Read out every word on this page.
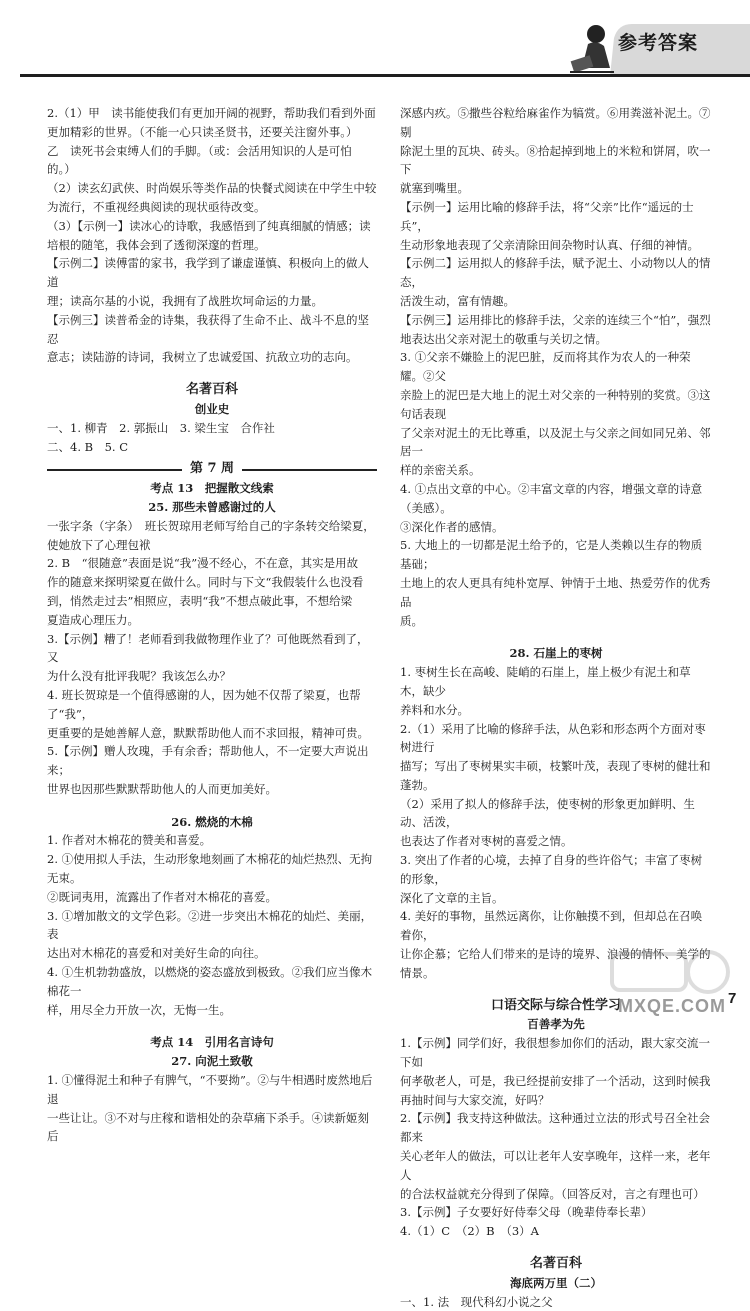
参考答案

2.（1）甲　读书能使我们有更加开阔的视野，帮助我们看到外面

更加精彩的世界。（不能一心只读圣贤书，还要关注窗外事。）

乙　读死书会束缚人们的手脚。（或：会活用知识的人是可怕

的。）

（2）读玄幻武侠、时尚娱乐等类作品的快餐式阅读在中学生中较

为流行，不重视经典阅读的现状亟待改变。

（3）【示例一】读冰心的诗歌，我感悟到了纯真细腻的情感；读

培根的随笔，我体会到了透彻深邃的哲理。

【示例二】读傅雷的家书，我学到了谦虚谨慎、积极向上的做人道

理；读高尔基的小说，我拥有了战胜坎坷命运的力量。

【示例三】读普希金的诗集，我获得了生命不止、战斗不息的坚忍

意志；读陆游的诗词，我树立了忠诚爱国、抗敌立功的志向。

名著百科

创业史

一、1. 柳青　2. 郭振山　3. 梁生宝　合作社

二、4. B　5. C

第 7 周

考点 13　把握散文线索

25. 那些未曾感谢过的人

一张字条（字条）　班长贺琼用老师写给自己的字条转交给梁夏，

使她放下了心理包袱

2. B　“很随意”表面是说“我”漫不经心，不在意，其实是用故

作的随意来探明梁夏在做什么。同时与下文“我假装什么也没看

到，悄然走过去”相照应，表明“我”不想点破此事，不想给梁

夏造成心理压力。

3.【示例】糟了！老师看到我做物理作业了？可他既然看到了，又

为什么没有批评我呢？我该怎么办？

4. 班长贺琼是一个值得感谢的人，因为她不仅帮了梁夏，也帮了“我”，

更重要的是她善解人意，默默帮助他人而不求回报，精神可贵。

5.【示例】赠人玫瑰，手有余香；帮助他人，不一定要大声说出来；

世界也因那些默默帮助他人的人而更加美好。

26. 燃烧的木棉

1. 作者对木棉花的赞美和喜爱。

2. ①使用拟人手法，生动形象地刻画了木棉花的灿烂热烈、无拘无束。

②既词夷用，流露出了作者对木棉花的喜爱。

3. ①增加散文的文学色彩。②进一步突出木棉花的灿烂、美丽，表

达出对木棉花的喜爱和对美好生命的向往。

4. ①生机勃勃盛放，以燃烧的姿态盛放到极致。②我们应当像木棉花一

样，用尽全力开放一次，无悔一生。

考点 14　引用名言诗句

27. 向泥土致敬

1. ①懂得泥土和种子有脾气，“不要拗”。②与牛相遇时废然地后退

一些让让。③不对与庄稼和谐相处的杂草痛下杀手。④读新姬刻后

深感内疚。⑤撒些谷粒给麻雀作为犒赏。⑥用粪滋补泥土。⑦剔

除泥土里的瓦块、砖头。⑧拾起掉到地上的米粒和饼屑，吹一下

就塞到嘴里。

【示例一】运用比喻的修辞手法，将“父亲”比作“遥远的士兵”，

生动形象地表现了父亲清除田间杂物时认真、仔细的神情。

【示例二】运用拟人的修辞手法，赋予泥土、小动物以人的情态，

活泼生动，富有情趣。

【示例三】运用排比的修辞手法，父亲的连续三个“怕”，强烈

地表达出父亲对泥土的敬重与关切之情。

3. ①父亲不嫌脸上的泥巴脏，反而将其作为农人的一种荣耀。②父

亲脸上的泥巴是大地上的泥土对父亲的一种特别的奖赏。③这句话表现

了父亲对泥土的无比尊重，以及泥土与父亲之间如同兄弟、邻居一

样的亲密关系。

4. ①点出文章的中心。②丰富文章的内容，增强文章的诗意（美感）。

③深化作者的感情。

5. 大地上的一切都是泥土给予的，它是人类赖以生存的物质基础；

土地上的农人更具有纯朴宽厚、钟情于土地、热爱劳作的优秀品

质。

28. 石崖上的枣树

1. 枣树生长在高峻、陡峭的石崖上，崖上极少有泥土和草木，缺少

养料和水分。

2.（1）采用了比喻的修辞手法，从色彩和形态两个方面对枣树进行

描写；写出了枣树果实丰硕，枝繁叶茂，表现了枣树的健壮和蓬勃。

（2）采用了拟人的修辞手法，使枣树的形象更加鲜明、生动、活泼，

也表达了作者对枣树的喜爱之情。

3. 突出了作者的心境，去掉了自身的些许俗气；丰富了枣树的形象，

深化了文章的主旨。

4. 美好的事物，虽然远离你，让你触摸不到，但却总在召唤着你，

让你企慕；它给人们带来的是诗的境界、浪漫的情怀、美学的

情景。

口语交际与综合性学习

百善孝为先

1.【示例】同学们好，我很想参加你们的活动，跟大家交流一下如

何孝敬老人，可是，我已经提前安排了一个活动，这到时候我

再抽时间与大家交流，好吗？

2.【示例】我支持这种做法。这种通过立法的形式号召全社会都来

关心老年人的做法，可以让老年人安享晚年，这样一来，老年人

的合法权益就充分得到了保障。（回答反对，言之有理也可）

3.【示例】子女要好好侍奉父母（晚辈侍奉长辈）

4.（1）C　（2）B　（3）A

名著百科

海底两万里（二）

一、1. 法　现代科幻小说之父

MXQE.COM 7
